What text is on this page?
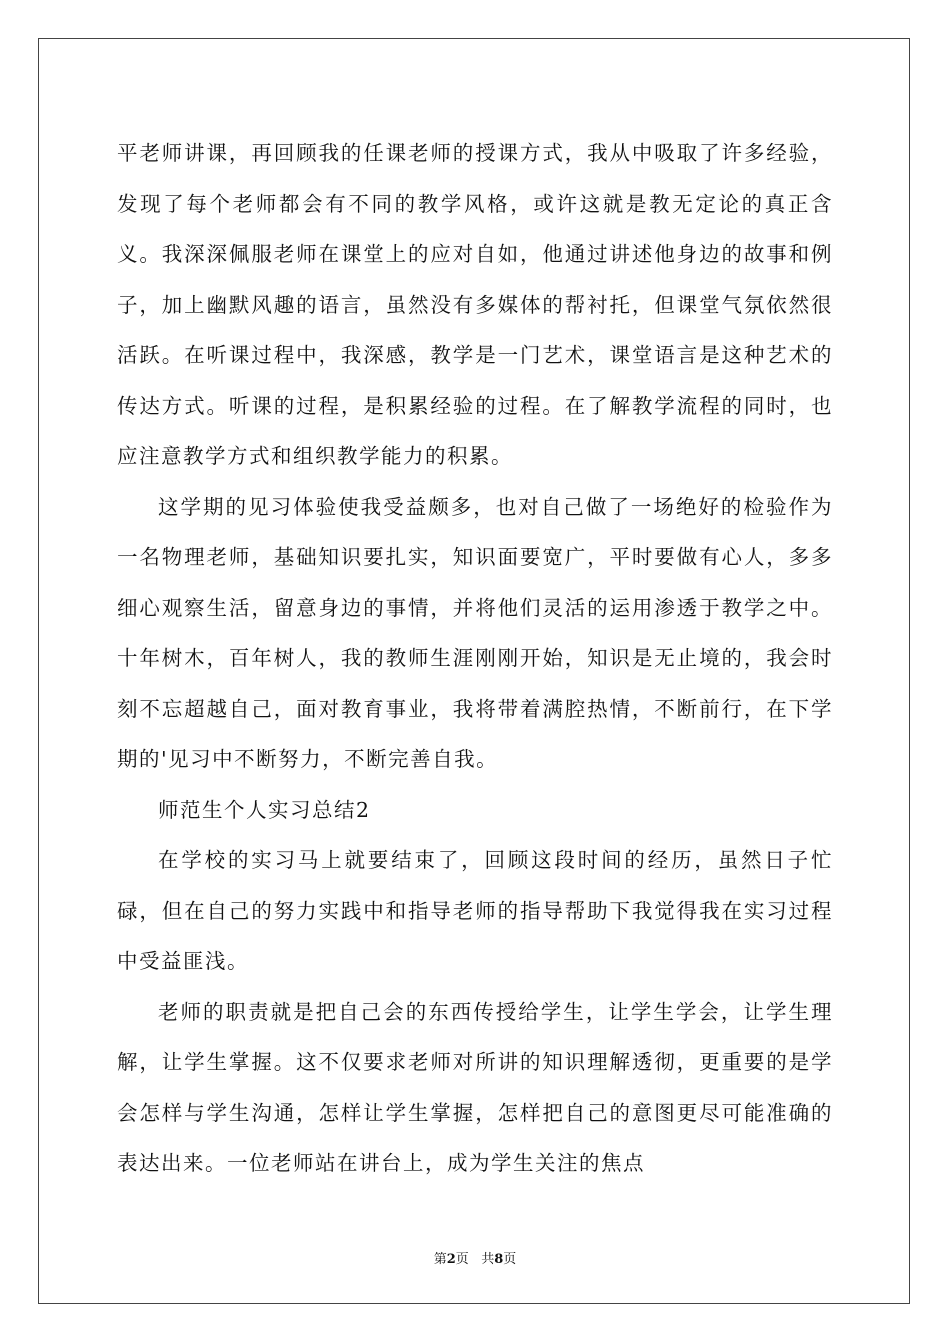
平老师讲课，再回顾我的任课老师的授课方式，我从中吸取了许多经验，发现了每个老师都会有不同的教学风格，或许这就是教无定论的真正含义。我深深佩服老师在课堂上的应对自如，他通过讲述他身边的故事和例子，加上幽默风趣的语言，虽然没有多媒体的帮衬托，但课堂气氛依然很活跃。在听课过程中，我深感，教学是一门艺术，课堂语言是这种艺术的传达方式。听课的过程，是积累经验的过程。在了解教学流程的同时，也应注意教学方式和组织教学能力的积累。

这学期的见习体验使我受益颇多，也对自己做了一场绝好的检验作为一名物理老师，基础知识要扎实，知识面要宽广，平时要做有心人，多多细心观察生活，留意身边的事情，并将他们灵活的运用渗透于教学之中。十年树木，百年树人，我的教师生涯刚刚开始，知识是无止境的，我会时刻不忘超越自己，面对教育事业，我将带着满腔热情，不断前行，在下学期的'见习中不断努力，不断完善自我。

师范生个人实习总结2

在学校的实习马上就要结束了，回顾这段时间的经历，虽然日子忙碌，但在自己的努力实践中和指导老师的指导帮助下我觉得我在实习过程中受益匪浅。

老师的职责就是把自己会的东西传授给学生，让学生学会，让学生理解，让学生掌握。这不仅要求老师对所讲的知识理解透彻，更重要的是学会怎样与学生沟通，怎样让学生掌握，怎样把自己的意图更尽可能准确的表达出来。一位老师站在讲台上，成为学生关注的焦点

第2页 共8页
